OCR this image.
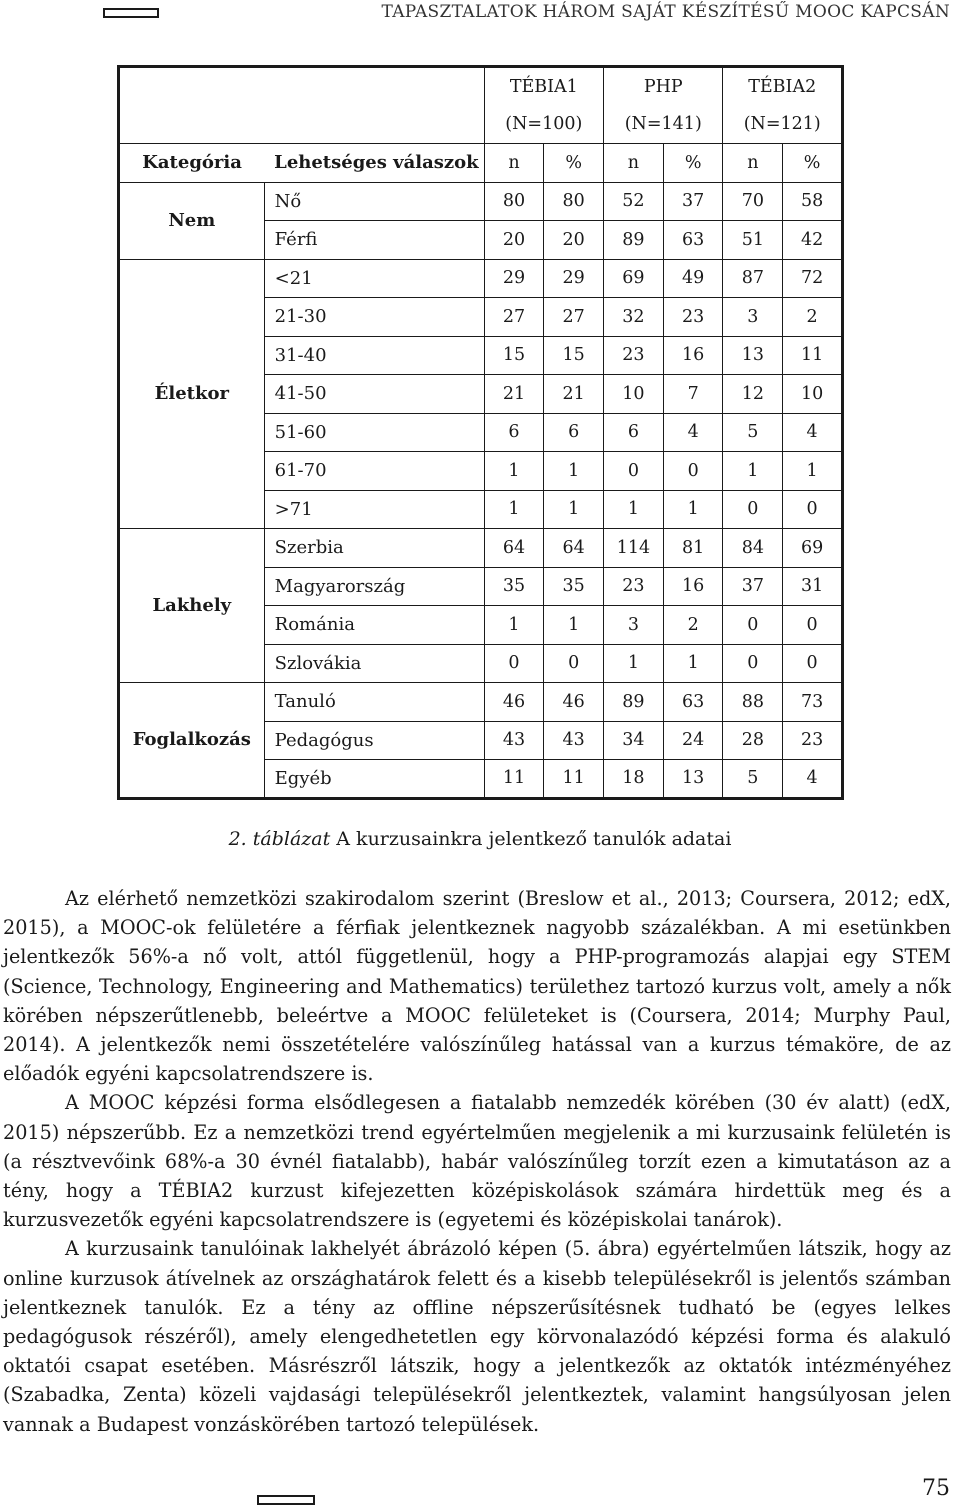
TAPASZTALATOK HÁROM SAJÁT KÉSZÍTÉSŰ MOOC KAPCSÁN
		TÉBIA1		PHP		TÉBIA2	
		(N=100)		(N=141)		(N=121)	
Kategória	Lehetséges válaszok	n	%	n	%	n	%
Nem	Nő	80	80	52	37	70	58
	Férfi	20	20	89	63	51	42
Életkor	<21	29	29	69	49	87	72
	21-30	27	27	32	23	3	2
	31-40	15	15	23	16	13	11
	41-50	21	21	10	7	12	10
	51-60	6	6	6	4	5	4
	61-70	1	1	0	0	1	1
	>71	1	1	1	1	0	0
Lakhely	Szerbia	64	64	114	81	84	69
	Magyarország	35	35	23	16	37	31
	Románia	1	1	3	2	0	0
	Szlovákia	0	0	1	1	0	0
Foglalkozás	Tanuló	46	46	89	63	88	73
	Pedagógus	43	43	34	24	28	23
	Egyéb	11	11	18	13	5	4
2. táblázat A kurzusainkra jelentkező tanulók adatai

Az elérhető nemzetközi szakirodalom szerint (Breslow et al., 2013; Coursera, 2012; edX, 2015), a MOOC-ok felületére a férfiak jelentkeznek nagyobb százalékban. A mi esetünkben jelentkezők 56%-a nő volt, attól függetlenül, hogy a PHP-programozás alapjai egy STEM (Science, Technology, Engineering and Mathematics) területhez tartozó kurzus volt, amely a nők körében népszerűtlenebb, beleértve a MOOC felületeket is (Coursera, 2014; Murphy Paul, 2014). A jelentkezők nemi összetételére valószínűleg hatással van a kurzus témaköre, de az előadók egyéni kapcsolatrendszere is.

A MOOC képzési forma elsődlegesen a fiatalabb nemzedék körében (30 év alatt) (edX, 2015) népszerűbb. Ez a nemzetközi trend egyértelműen megjelenik a mi kurzusaink felületén is (a résztvevőink 68%-a 30 évnél fiatalabb), habár valószínűleg torzít ezen a kimutatáson az a tény, hogy a TÉBIA2 kurzust kifejezetten középiskolások számára hirdettük meg és a kurzusvezetők egyéni kapcsolatrendszere is (egyetemi és középiskolai tanárok).

A kurzusaink tanulóinak lakhelyét ábrázoló képen (5. ábra) egyértelműen látszik, hogy az online kurzusok átívelnek az országhatárok felett és a kisebb településekről is jelentős számban jelentkeznek tanulók. Ez a tény az offline népszerűsítésnek tudható be (egyes lelkes pedagógusok részéről), amely elengedhetetlen egy körvonalazódó képzési forma és alakuló oktatói csapat esetében. Másrészről látszik, hogy a jelentkezők az oktatók intézményéhez (Szabadka, Zenta) közeli vajdasági településekről jelentkeztek, valamint hangsúlyosan jelen vannak a Budapest vonzáskörében tartozó települések.

75
